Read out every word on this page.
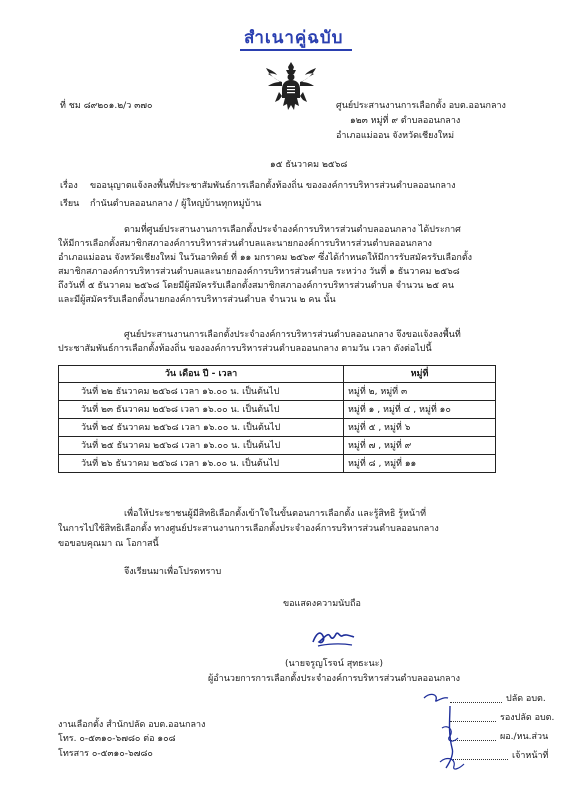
สำเนาคู่ฉบับ
ที่ ชม ๘๙๒๐๑.๒/ว ๓๗๐	ศูนย์ประสานงานการเลือกตั้ง อบต.ออนกลาง
๑๒๓ หมู่ที่ ๙ ตำบลออนกลาง
อำเภอแม่ออน จังหวัดเชียงใหม่
๑๕ ธันวาคม ๒๕๖๘
เรื่อง ขออนุญาตแจ้งลงพื้นที่ประชาสัมพันธ์การเลือกตั้งท้องถิ่น ขององค์การบริหารส่วนตำบลออนกลาง
เรียน กำนันตำบลออนกลาง / ผู้ใหญ่บ้านทุกหมู่บ้าน
ตามที่ศูนย์ประสานงานการเลือกตั้งประจำองค์การบริหารส่วนตำบลออนกลาง ได้ประกาศ
ให้มีการเลือกตั้งสมาชิกสภาองค์การบริหารส่วนตำบลและนายกองค์การบริหารส่วนตำบลออนกลาง
อำเภอแม่ออน จังหวัดเชียงใหม่ ในวันอาทิตย์ ที่ ๑๑ มกราคม ๒๕๖๙ ซึ่งได้กำหนดให้มีการรับสมัครรับเลือกตั้ง
สมาชิกสภาองค์การบริหารส่วนตำบลและนายกองค์การบริหารส่วนตำบล ระหว่าง วันที่ ๑ ธันวาคม ๒๕๖๘
ถึงวันที่ ๕ ธันวาคม ๒๕๖๘ โดยมีผู้สมัครรับเลือกตั้งสมาชิกสภาองค์การบริหารส่วนตำบล จำนวน ๒๕ คน
และมีผู้สมัครรับเลือกตั้งนายกองค์การบริหารส่วนตำบล จำนวน ๒ คน นั้น
ศูนย์ประสานงานการเลือกตั้งประจำองค์การบริหารส่วนตำบลออนกลาง จึงขอแจ้งลงพื้นที่
ประชาสัมพันธ์การเลือกตั้งท้องถิ่น ขององค์การบริหารส่วนตำบลออนกลาง ตามวัน เวลา ดังต่อไปนี้
วัน เดือน ปี - เวลา	หมู่ที่
วันที่ ๒๒ ธันวาคม ๒๕๖๘ เวลา ๑๖.๐๐ น. เป็นต้นไป	หมู่ที่ ๒, หมู่ที่ ๓
วันที่ ๒๓ ธันวาคม ๒๕๖๘ เวลา ๑๖.๐๐ น. เป็นต้นไป	หมู่ที่ ๑ , หมู่ที่ ๔ , หมู่ที่ ๑๐
วันที่ ๒๔ ธันวาคม ๒๕๖๘ เวลา ๑๖.๐๐ น. เป็นต้นไป	หมู่ที่ ๕ , หมู่ที่ ๖
วันที่ ๒๕ ธันวาคม ๒๕๖๘ เวลา ๑๖.๐๐ น. เป็นต้นไป	หมู่ที่ ๗ , หมู่ที่ ๙
วันที่ ๒๖ ธันวาคม ๒๕๖๘ เวลา ๑๖.๐๐ น. เป็นต้นไป	หมู่ที่ ๘ , หมู่ที่ ๑๑
เพื่อให้ประชาชนผู้มีสิทธิเลือกตั้งเข้าใจในขั้นตอนการเลือกตั้ง และรู้สิทธิ รู้หน้าที่
ในการไปใช้สิทธิเลือกตั้ง ทางศูนย์ประสานงานการเลือกตั้งประจำองค์การบริหารส่วนตำบลออนกลาง
ขอขอบคุณมา ณ โอกาสนี้
จึงเรียนมาเพื่อโปรดทราบ
ขอแสดงความนับถือ
(นายจรูญโรจน์ สุทธะนะ)
ผู้อำนวยการการเลือกตั้งประจำองค์การบริหารส่วนตำบลออนกลาง
งานเลือกตั้ง สำนักปลัด อบต.ออนกลาง
โทร. ๐-๕๓๑๐-๖๗๘๐ ต่อ ๑๐๘
โทรสาร ๐-๕๓๑๐-๖๗๘๐
ปลัด อบต.
รองปลัด อบต.
ผอ./หน.ส่วน
เจ้าหน้าที่
